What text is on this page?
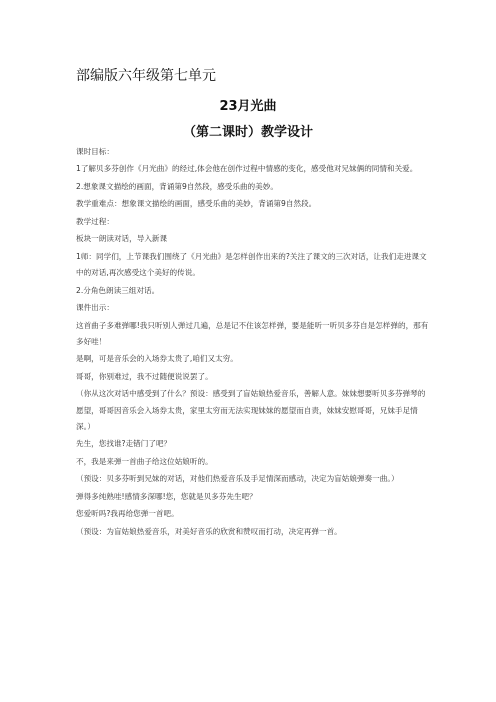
部编版六年级第七单元
23月光曲
（第二课时）教学设计

课时目标：

1了解贝多芬创作《月光曲》的经过,体会他在创作过程中情感的变化，感受他对兄妹俩的同情和关爱。

2.想象课文描绘的画面，背诵第9自然段，感受乐曲的美妙。

教学重难点：想象课文描绘的画面，感受乐曲的美妙，背诵第9自然段。

教学过程：

板块一朗读对话，导入新课

1师：同学们，上节课我们围绕了《月光曲》是怎样创作出来的?关注了课文的三次对话，让我们走进课文中的对话,再次感受这个美好的传说。

2.分角色朗读三组对话。

课件出示：

这首曲子多难弹哪!我只听别人弹过几遍，总是记不住该怎样弹，要是能听一听贝多芬自是怎样弹的，那有多好哇！

是啊，可是音乐会的入场券太贵了,咱们又太穷。

哥哥，你别难过，我不过随便说说罢了。

（你从这次对话中感受到了什么？预设：感受到了盲姑娘热爱音乐，善解人意。妹妹想要听贝多芬弹琴的愿望，哥哥因音乐会入场券太贵，家里太穷而无法实现妹妹的愿望而自责，妹妹安慰哥哥，兄妹手足情深。）

先生，您找谁?走错门了吧？

不，我是来弹一首曲子给这位姑娘听的。

（预设：贝多芬听到兄妹的对话，对他们热爱音乐及手足情深而感动，决定为盲姑娘弹奏一曲。）

弹得多纯熟哇!感情多深哪!您，您就是贝多芬先生吧？

您爱听吗?我再给您弹一首吧。

（预设：为盲姑娘热爱音乐，对美好音乐的欣赏和赞叹而打动，决定再弹一首。
